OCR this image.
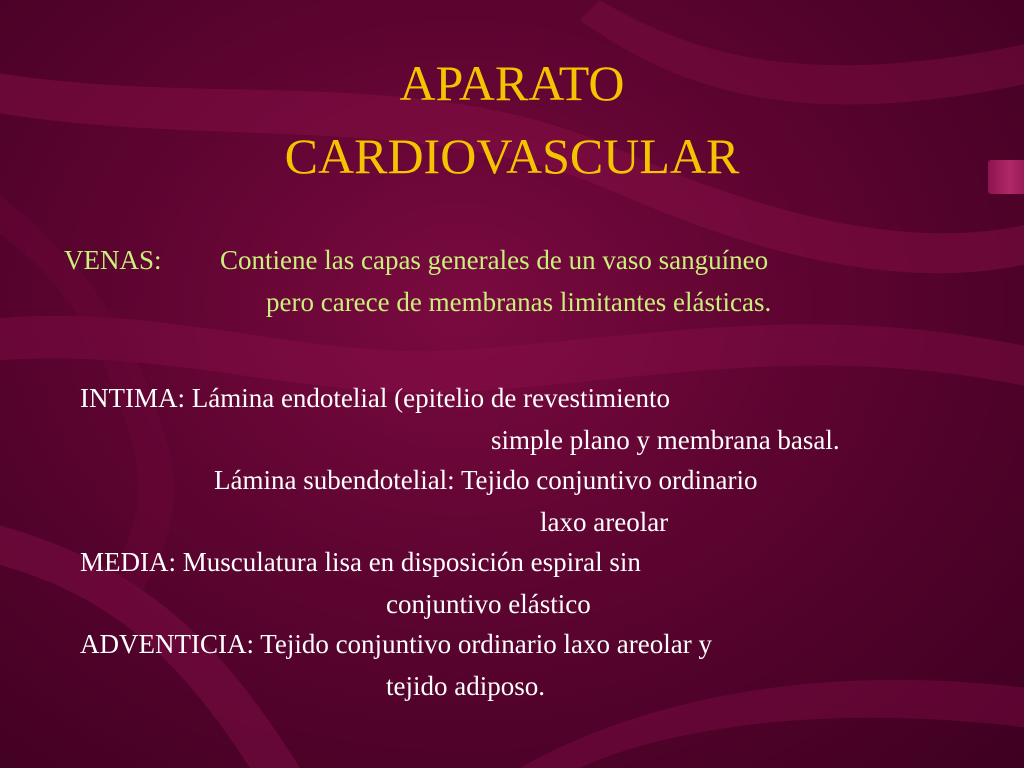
APARATO
CARDIOVASCULAR
VENAS: Contiene las capas generales de un vaso sanguíneo
pero carece de membranas limitantes elásticas.
INTIMA: Lámina endotelial (epitelio de revestimiento
simple plano y membrana basal.
Lámina subendotelial: Tejido conjuntivo ordinario
laxo areolar
MEDIA: Musculatura lisa en disposición espiral sin
conjuntivo elástico
ADVENTICIA: Tejido conjuntivo ordinario laxo areolar y
tejido adiposo.
